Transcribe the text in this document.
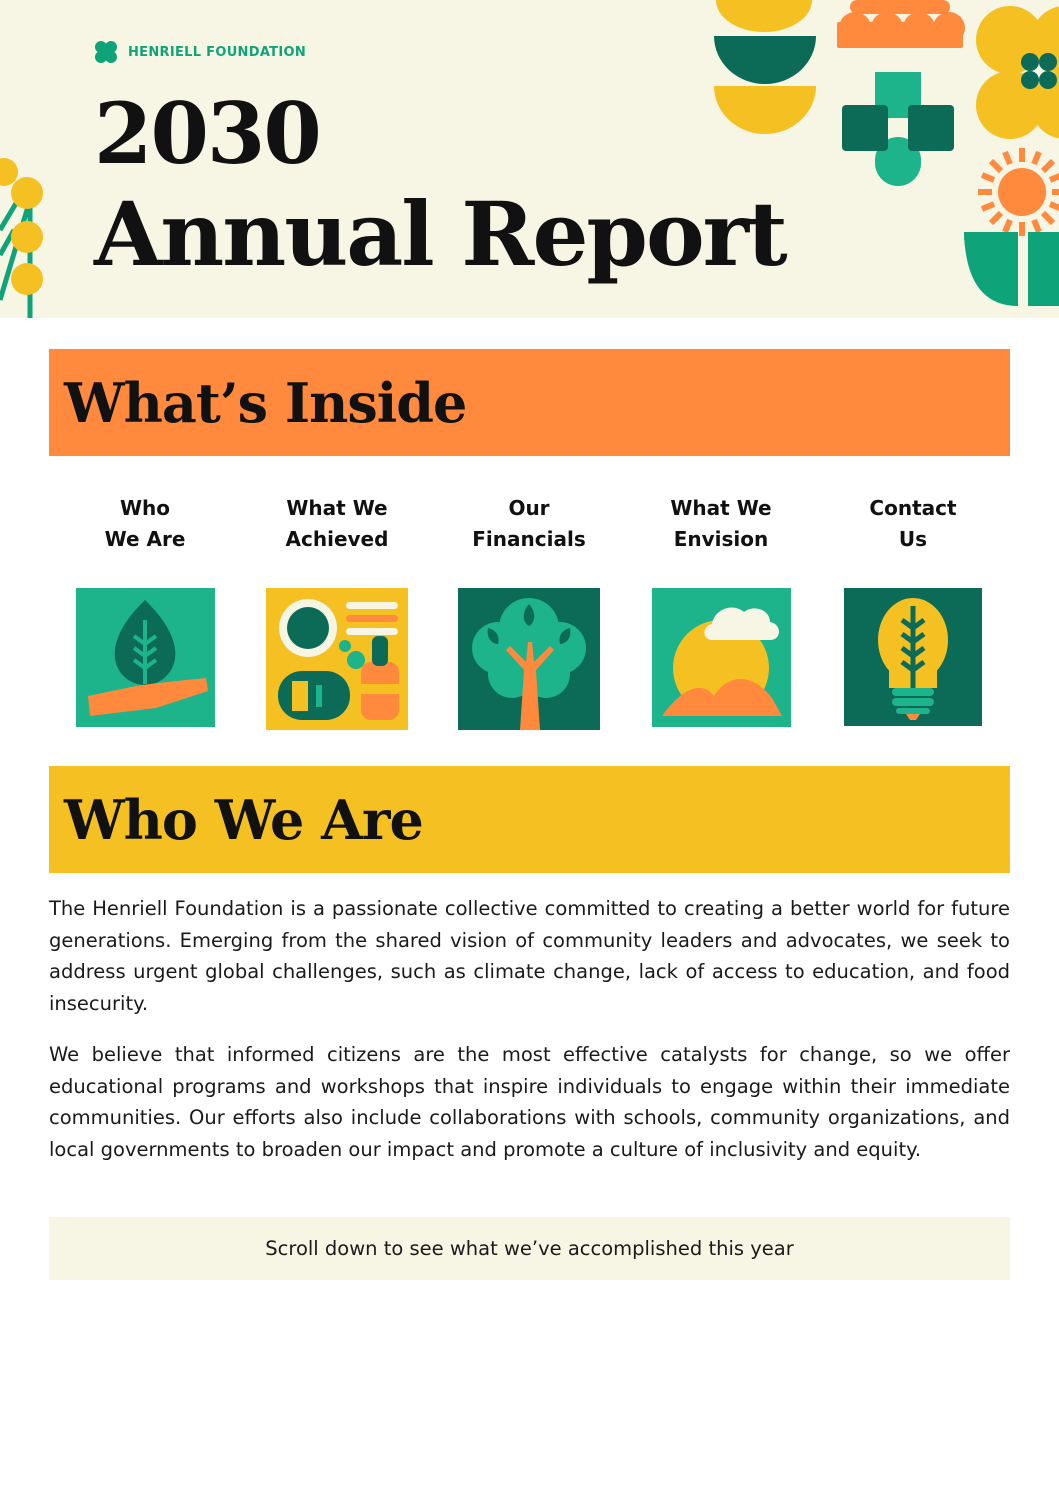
HENRIELL FOUNDATION
2030
Annual Report
What’s Inside
Who
We Are
What We
Achieved
Our
Financials
What We
Envision
Contact
Us
Who We Are

The Henriell Foundation is a passionate collective committed to creating a better world for future generations. Emerging from the shared vision of community leaders and advocates, we seek to address urgent global challenges, such as climate change, lack of access to education, and food insecurity.

We believe that informed citizens are the most effective catalysts for change, so we offer educational programs and workshops that inspire individuals to engage within their immediate communities. Our efforts also include collaborations with schools, community organizations, and local governments to broaden our impact and promote a culture of inclusivity and equity.

Scroll down to see what we’ve accomplished this year
